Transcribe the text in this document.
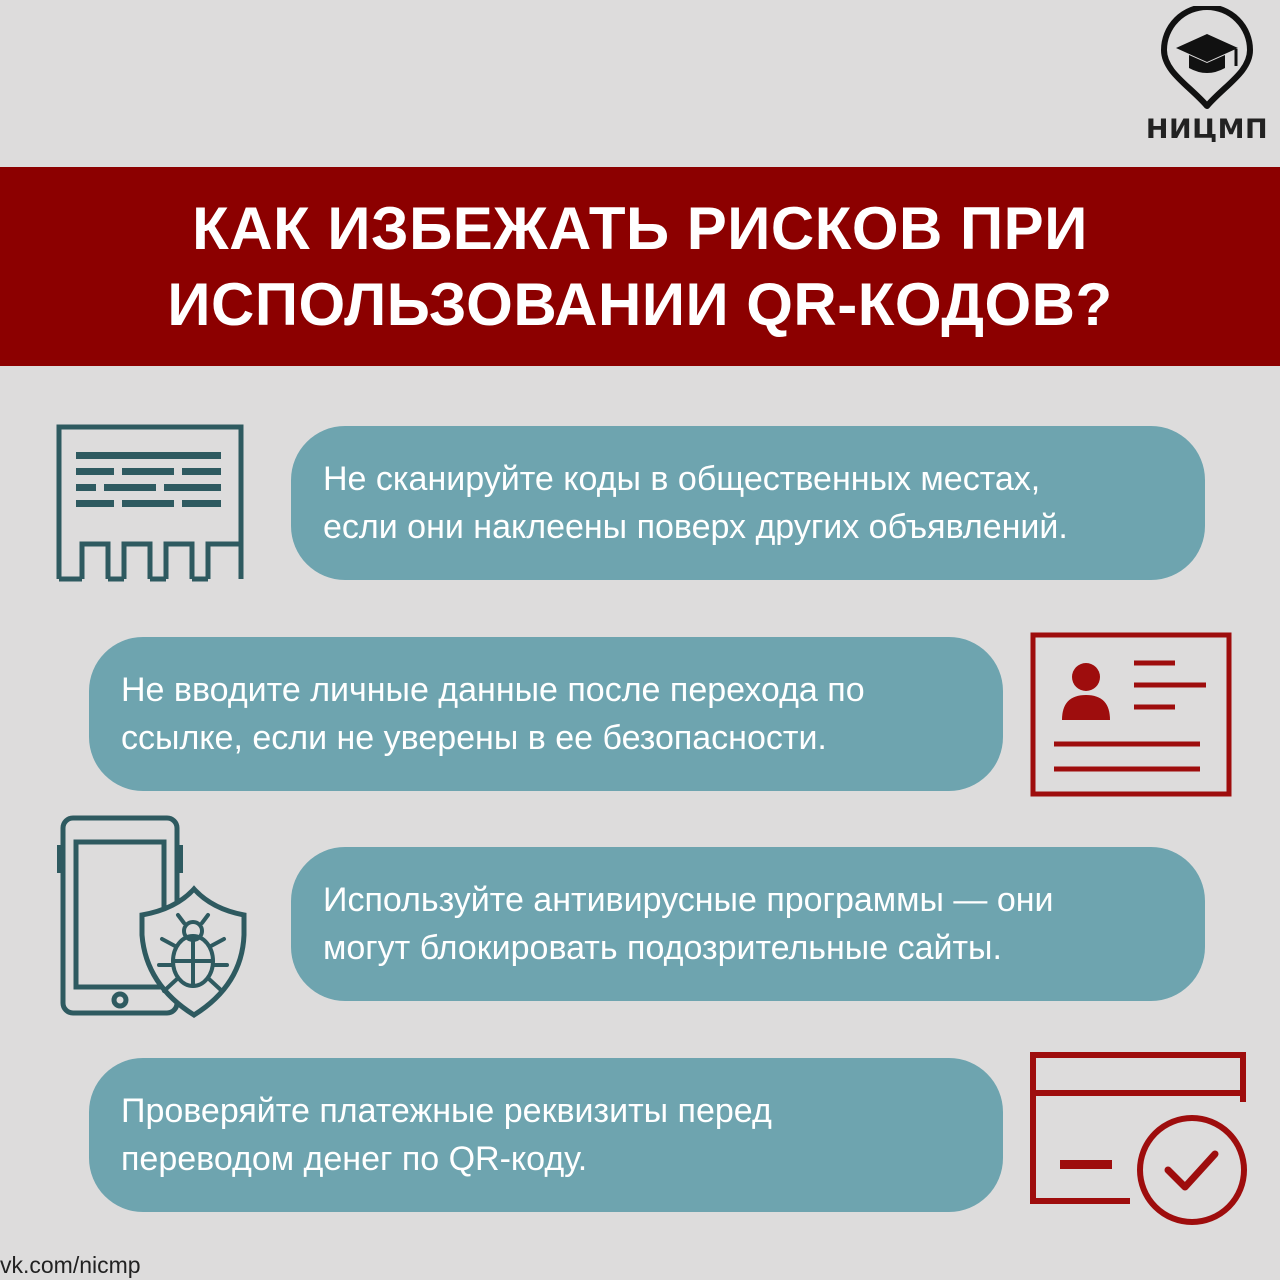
НИЦМП
КАК ИЗБЕЖАТЬ РИСКОВ ПРИ
ИСПОЛЬЗОВАНИИ QR-КОДОВ?

Не сканируйте коды в общественных местах,
если они наклеены поверх других объявлений.

Не вводите личные данные после перехода по
ссылке, если не уверены в ее безопасности.

Используйте антивирусные программы — они
могут блокировать подозрительные сайты.

Проверяйте платежные реквизиты перед
переводом денег по QR-коду.

vk.com/nicmp
